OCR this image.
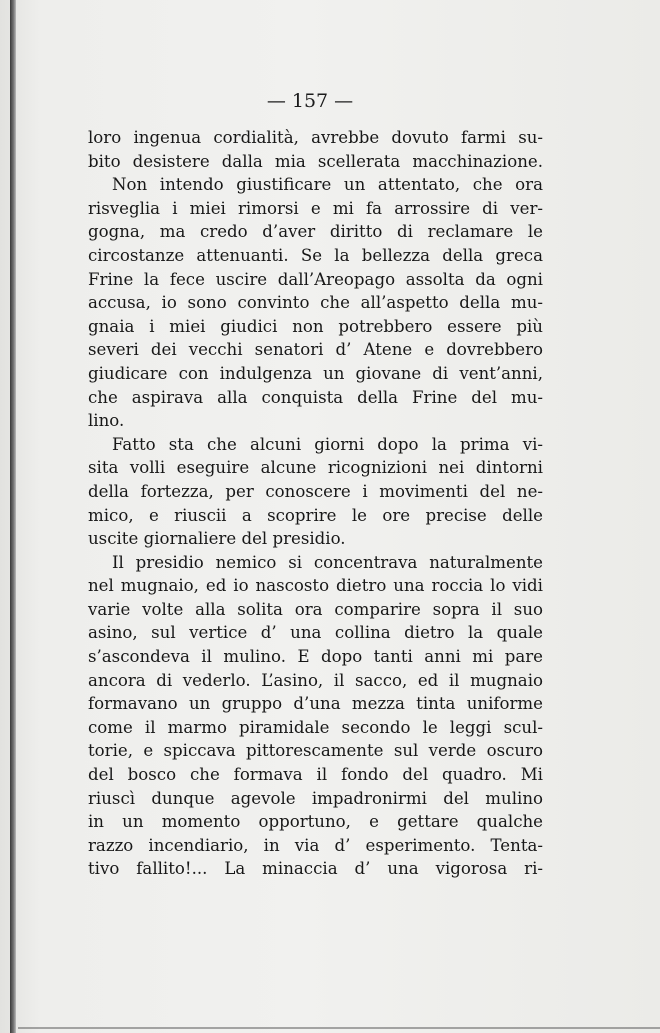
— 157 —
loro ingenua cordialità, avrebbe dovuto farmi su-
bito desistere dalla mia scellerata macchinazione.
Non intendo giustificare un attentato, che ora
risveglia i miei rimorsi e mi fa arrossire di ver-
gogna, ma credo d’aver diritto di reclamare le
circostanze attenuanti. Se la bellezza della greca
Frine la fece uscire dall’Areopago assolta da ogni
accusa, io sono convinto che all’aspetto della mu-
gnaia i miei giudici non potrebbero essere più
severi dei vecchi senatori d’ Atene e dovrebbero
giudicare con indulgenza un giovane di vent’anni,
che aspirava alla conquista della Frine del mu-
lino.
Fatto sta che alcuni giorni dopo la prima vi-
sita volli eseguire alcune ricognizioni nei dintorni
della fortezza, per conoscere i movimenti del ne-
mico, e riuscii a scoprire le ore precise delle
uscite giornaliere del presidio.
Il presidio nemico si concentrava naturalmente
nel mugnaio, ed io nascosto dietro una roccia lo vidi
varie volte alla solita ora comparire sopra il suo
asino, sul vertice d’ una collina dietro la quale
s’ascondeva il mulino. E dopo tanti anni mi pare
ancora di vederlo. L’asino, il sacco, ed il mugnaio
formavano un gruppo d’una mezza tinta uniforme
come il marmo piramidale secondo le leggi scul-
torie, e spiccava pittorescamente sul verde oscuro
del bosco che formava il fondo del quadro. Mi
riuscì dunque agevole impadronirmi del mulino
in un momento opportuno, e gettare qualche
razzo incendiario, in via d’ esperimento. Tenta-
tivo fallito!... La minaccia d’ una vigorosa ri-
